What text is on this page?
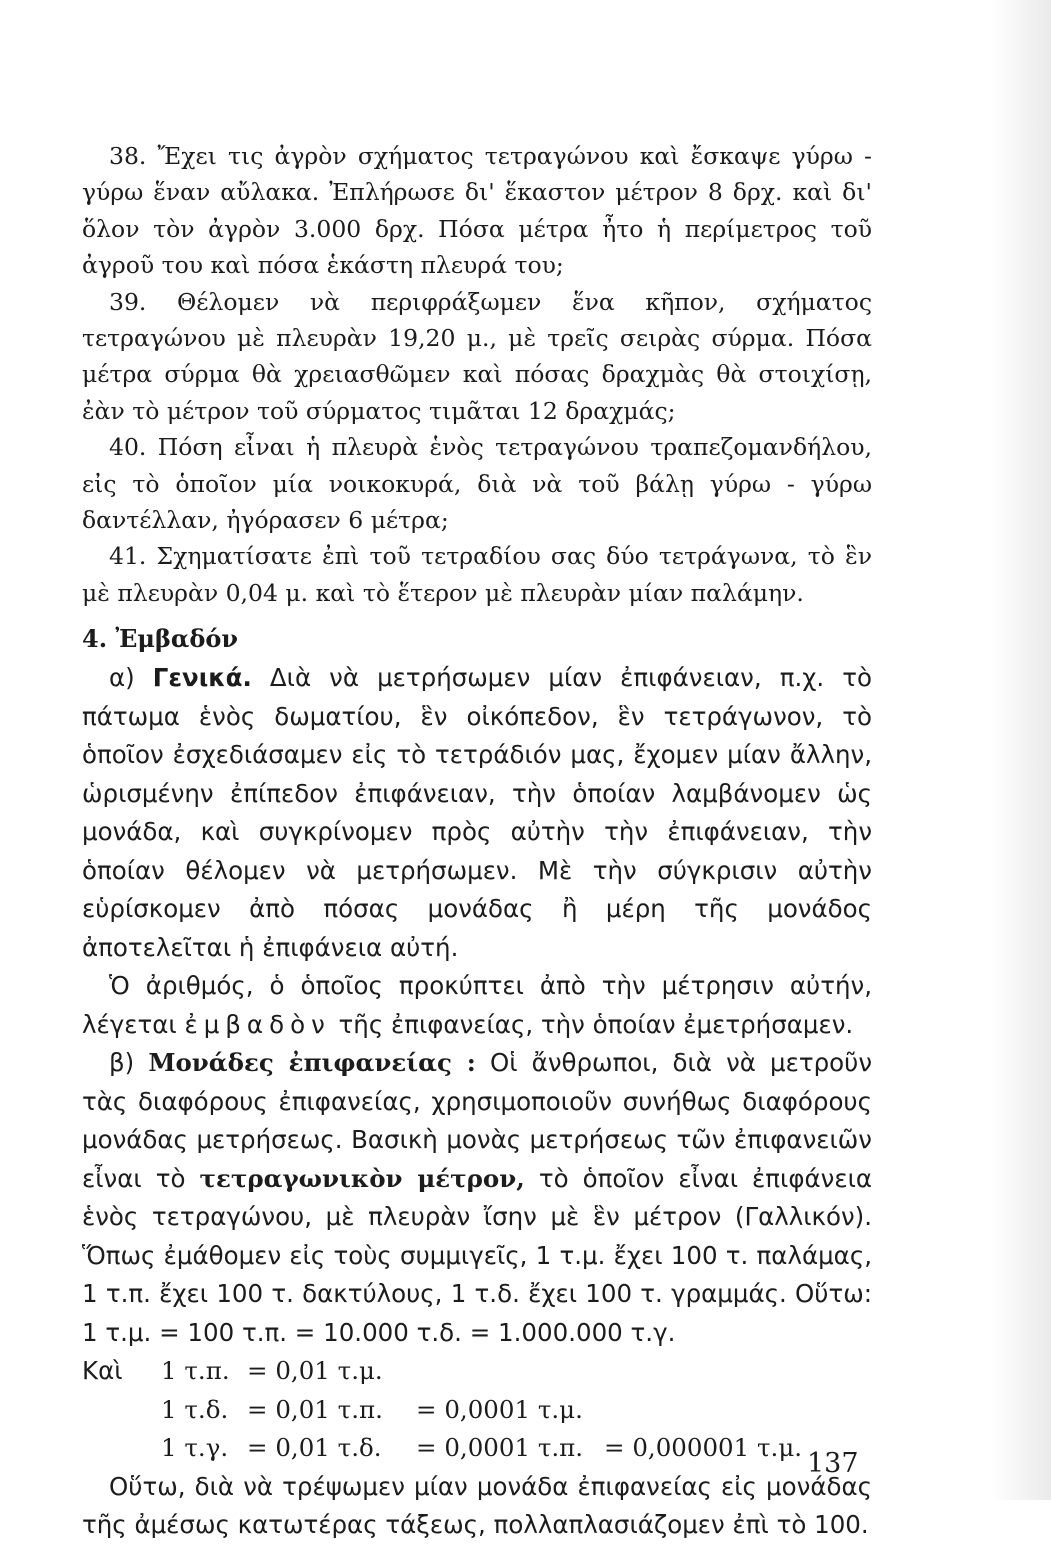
38. Ἔχει τις ἀγρὸν σχήματος τετραγώνου καὶ ἔσκαψε γύρω - γύρω ἕναν αὔλακα. Ἐπλήρωσε δι' ἕκαστον μέτρον 8 δρχ. καὶ δι' ὅλον τὸν ἀγρὸν 3.000 δρχ. Πόσα μέτρα ἦτο ἡ περίμετρος τοῦ ἀγροῦ του καὶ πόσα ἑκάστη πλευρά του;

39. Θέλομεν νὰ περιφράξωμεν ἕνα κῆπον, σχήματος τετραγώνου μὲ πλευρὰν 19,20 μ., μὲ τρεῖς σειρὰς σύρμα. Πόσα μέτρα σύρμα θὰ χρειασθῶμεν καὶ πόσας δραχμὰς θὰ στοιχίσῃ, ἐὰν τὸ μέτρον τοῦ σύρματος τιμᾶται 12 δραχμάς;

40. Πόση εἶναι ἡ πλευρὰ ἑνὸς τετραγώνου τραπεζομανδήλου, εἰς τὸ ὁποῖον μία νοικοκυρά, διὰ νὰ τοῦ βάλῃ γύρω - γύρω δαντέλλαν, ἠγόρασεν 6 μέτρα;

41. Σχηματίσατε ἐπὶ τοῦ τετραδίου σας δύο τετράγωνα, τὸ ἓν μὲ πλευρὰν 0,04 μ. καὶ τὸ ἕτερον μὲ πλευρὰν μίαν παλάμην.

4. Ἐμβαδόν

α) Γενικά. Διὰ νὰ μετρήσωμεν μίαν ἐπιφάνειαν, π.χ. τὸ πάτωμα ἑνὸς δωματίου, ἓν οἰκόπεδον, ἓν τετράγωνον, τὸ ὁποῖον ἐσχεδιάσαμεν εἰς τὸ τετράδιόν μας, ἔχομεν μίαν ἄλλην, ὡρισμένην ἐπίπεδον ἐπιφάνειαν, τὴν ὁποίαν λαμβάνομεν ὡς μονάδα, καὶ συγκρίνομεν πρὸς αὐτὴν τὴν ἐπιφάνειαν, τὴν ὁποίαν θέλομεν νὰ μετρήσωμεν. Μὲ τὴν σύγκρισιν αὐτὴν εὑρίσκομεν ἀπὸ πόσας μονάδας ἢ μέρη τῆς μονάδος ἀποτελεῖται ἡ ἐπιφάνεια αὐτή.

Ὁ ἀριθμός, ὁ ὁποῖος προκύπτει ἀπὸ τὴν μέτρησιν αὐτήν, λέγεται ἐμβαδὸν τῆς ἐπιφανείας, τὴν ὁποίαν ἐμετρήσαμεν.

β) Μονάδες ἐπιφανείας : Οἱ ἄνθρωποι, διὰ νὰ μετροῦν τὰς διαφόρους ἐπιφανείας, χρησιμοποιοῦν συνήθως διαφόρους μονάδας μετρήσεως. Βασικὴ μονὰς μετρήσεως τῶν ἐπιφανειῶν εἶναι τὸ τετραγωνικὸν μέτρον, τὸ ὁποῖον εἶναι ἐπιφάνεια ἑνὸς τετραγώνου, μὲ πλευρὰν ἴσην μὲ ἓν μέτρον (Γαλλικόν). Ὅπως ἐμάθομεν εἰς τοὺς συμμιγεῖς, 1 τ.μ. ἔχει 100 τ. παλάμας, 1 τ.π. ἔχει 100 τ. δακτύλους, 1 τ.δ. ἔχει 100 τ. γραμμάς. Οὕτω: 1 τ.μ. = 100 τ.π. = 10.000 τ.δ. = 1.000.000 τ.γ.

Καὶ 1 τ.π. = 0,01 τ.μ.
1 τ.δ. = 0,01 τ.π. = 0,0001 τ.μ.
1 τ.γ. = 0,01 τ.δ. = 0,0001 τ.π. = 0,000001 τ.μ.

Οὕτω, διὰ νὰ τρέψωμεν μίαν μονάδα ἐπιφανείας εἰς μονάδας τῆς ἀμέσως κατωτέρας τάξεως, πολλαπλασιάζομεν ἐπὶ τὸ 100.

137
